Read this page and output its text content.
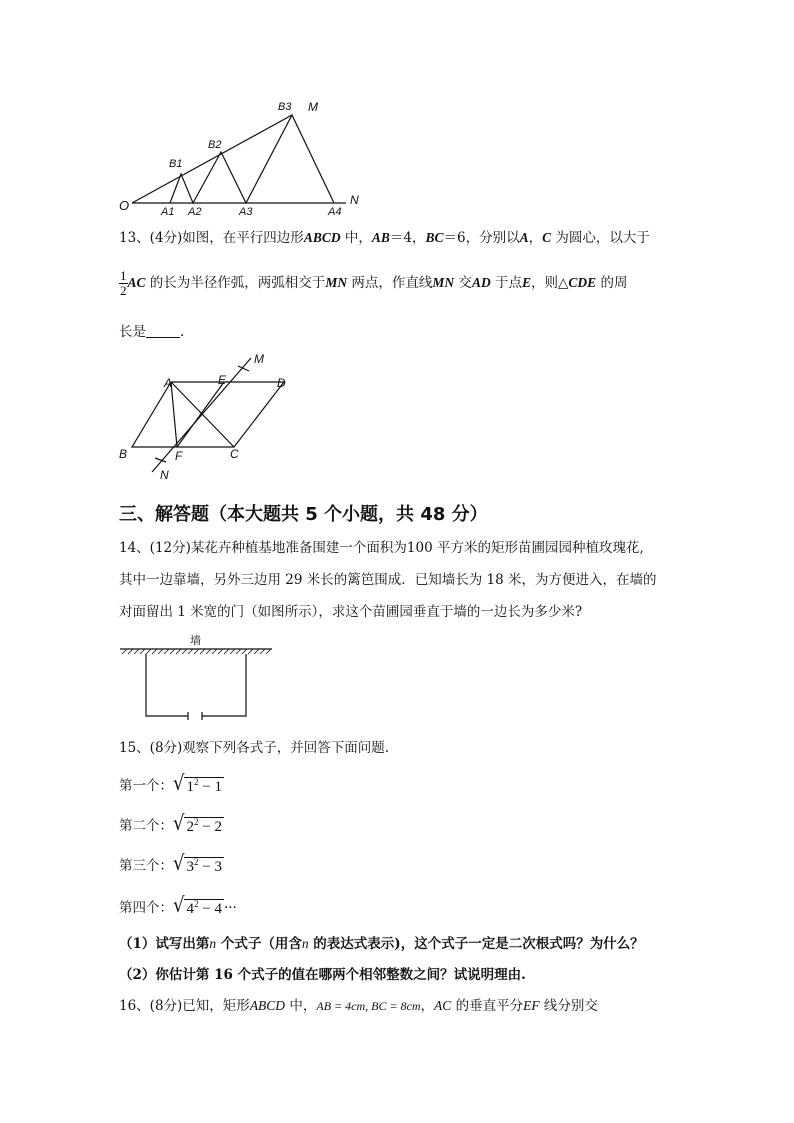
O	A1 A2	A3	A4
B1
B2
B3 M
N
13、(4分)如图，在平行四边形ABCD 中，AB＝4，BC＝6，分别以A，C 为圆心，以大于
$\frac{1}{2}$ AC 的长为半径作弧，两弧相交于MN 两点，作直线MN 交AD 于点E，则△CDE 的周
长是	.
A	E
M
D
B	F	C
N
三、解答题（本大题共 5 个小题，共 48 分）
14、(12分)某花卉种植基地准备围建一个面积为100 平方米的矩形苗圃园园种植玫瑰花,
其中一边靠墙，另外三边用 29 米长的篱笆围成．已知墙长为 18 米，为方便进入，在墙的
对面留出 1 米宽的门（如图所示），求这个苗圃园垂直于墙的一边长为多少米?
墙
15、(8分)观察下列各式子，并回答下面问题.
第一个：√ $1^2 - 1$
第二个：√ $2^2 - 2$
第三个：√ $3^2 - 3$
第四个：√ $4^2 - 4$ ···
（1）试写出第n 个式子（用含n 的表达式表示)，这个式子一定是二次根式吗？为什么？
（2）你估计第 16 个式子的值在哪两个相邻整数之间？试说明理由.
16、(8分)已知，矩形ABCD 中，AB = 4cm, BC = 8cm，AC 的垂直平分EF 线分别交
